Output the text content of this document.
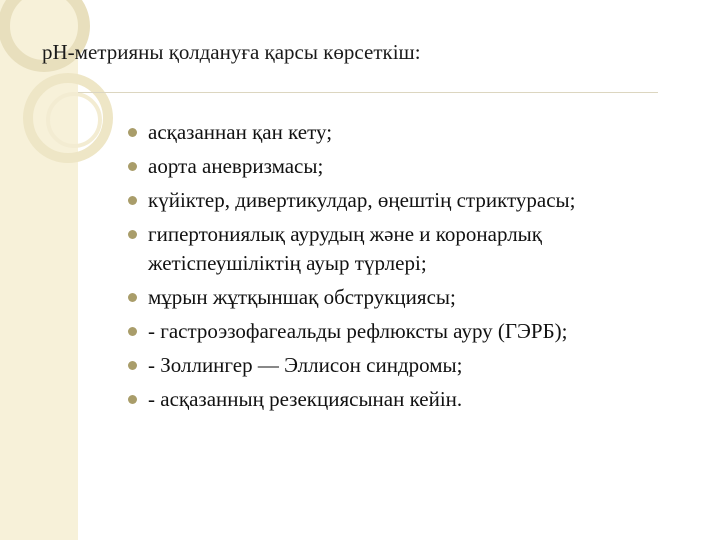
рН-метрияны қолдануға қарсы көрсеткіш:
асқазаннан қан кету;
аорта аневризмасы;
күйіктер, дивертикулдар, өңештің стриктурасы;
гипертониялық аурудың және и коронарлық жетіспеушіліктің ауыр түрлері;
мұрын жұтқыншақ обструкциясы;
- гастроэзофагеальды рефлюксты ауру (ГЭРБ);
- Золлингер — Эллисон синдромы;
- асқазанның резекциясынан кейін.
